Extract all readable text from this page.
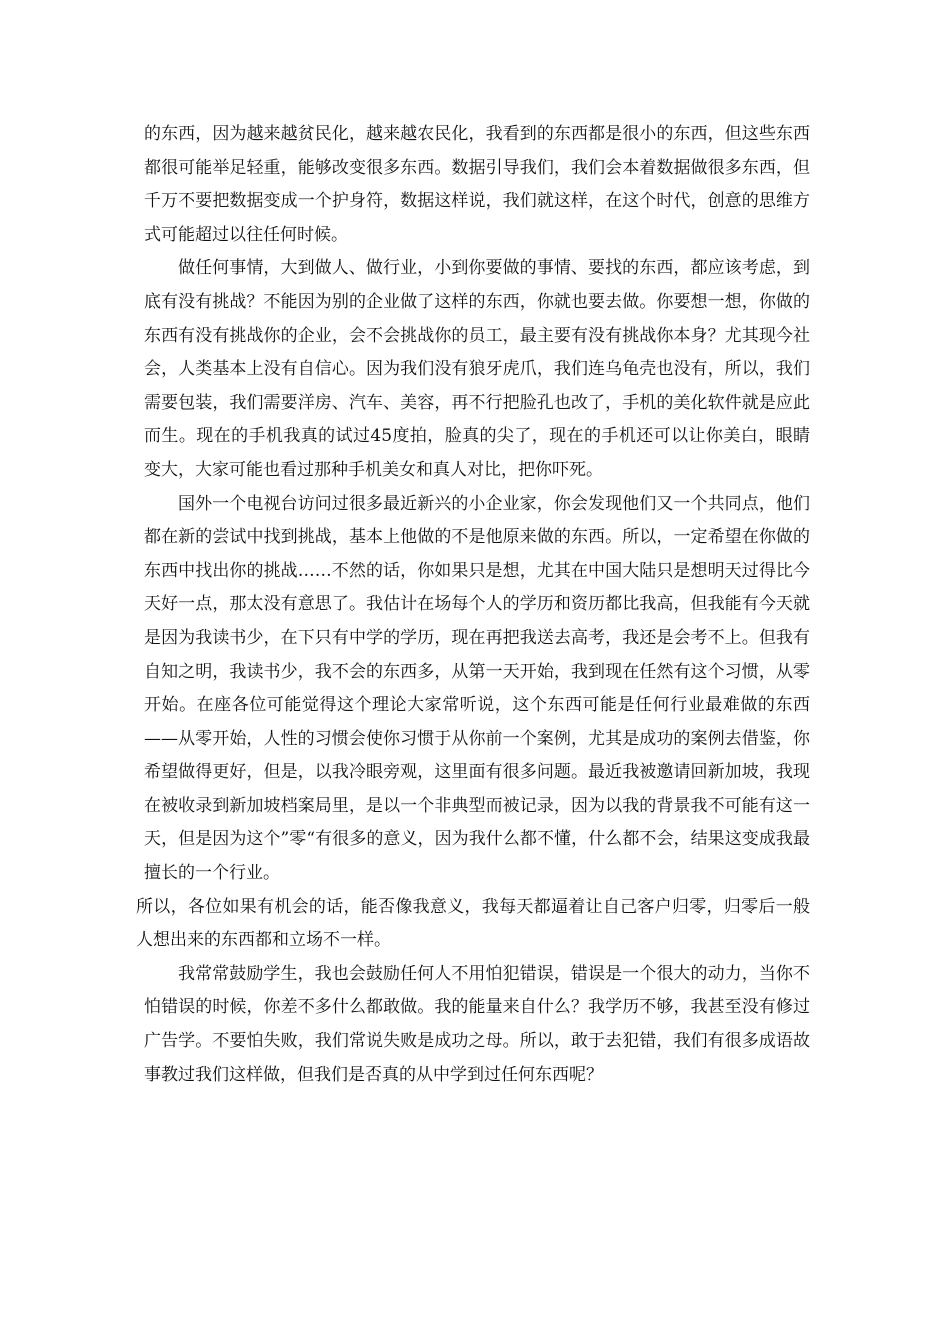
的东西，因为越来越贫民化，越来越农民化，我看到的东西都是很小的东西，但这些东西都很可能举足轻重，能够改变很多东西。数据引导我们，我们会本着数据做很多东西，但千万不要把数据变成一个护身符，数据这样说，我们就这样，在这个时代，创意的思维方式可能超过以往任何时候。

做任何事情，大到做人、做行业，小到你要做的事情、要找的东西，都应该考虑，到底有没有挑战？不能因为别的企业做了这样的东西，你就也要去做。你要想一想，你做的东西有没有挑战你的企业，会不会挑战你的员工，最主要有没有挑战你本身？尤其现今社会，人类基本上没有自信心。因为我们没有狼牙虎爪，我们连乌龟壳也没有，所以，我们需要包装，我们需要洋房、汽车、美容，再不行把脸孔也改了，手机的美化软件就是应此而生。现在的手机我真的试过45度拍，脸真的尖了，现在的手机还可以让你美白，眼睛变大，大家可能也看过那种手机美女和真人对比，把你吓死。

国外一个电视台访问过很多最近新兴的小企业家，你会发现他们又一个共同点，他们都在新的尝试中找到挑战，基本上他做的不是他原来做的东西。所以，一定希望在你做的东西中找出你的挑战……不然的话，你如果只是想，尤其在中国大陆只是想明天过得比今天好一点，那太没有意思了。我估计在场每个人的学历和资历都比我高，但我能有今天就是因为我读书少，在下只有中学的学历，现在再把我送去高考，我还是会考不上。但我有自知之明，我读书少，我不会的东西多，从第一天开始，我到现在任然有这个习惯，从零开始。在座各位可能觉得这个理论大家常听说，这个东西可能是任何行业最难做的东西——从零开始，人性的习惯会使你习惯于从你前一个案例，尤其是成功的案例去借鉴，你希望做得更好，但是，以我冷眼旁观，这里面有很多问题。最近我被邀请回新加坡，我现在被收录到新加坡档案局里，是以一个非典型而被记录，因为以我的背景我不可能有这一天，但是因为这个”零“有很多的意义，因为我什么都不懂，什么都不会，结果这变成我最擅长的一个行业。

所以，各位如果有机会的话，能否像我意义，我每天都逼着让自己客户归零，归零后一般人想出来的东西都和立场不一样。

我常常鼓励学生，我也会鼓励任何人不用怕犯错误，错误是一个很大的动力，当你不怕错误的时候，你差不多什么都敢做。我的能量来自什么？我学历不够，我甚至没有修过广告学。不要怕失败，我们常说失败是成功之母。所以，敢于去犯错，我们有很多成语故事教过我们这样做，但我们是否真的从中学到过任何东西呢？
